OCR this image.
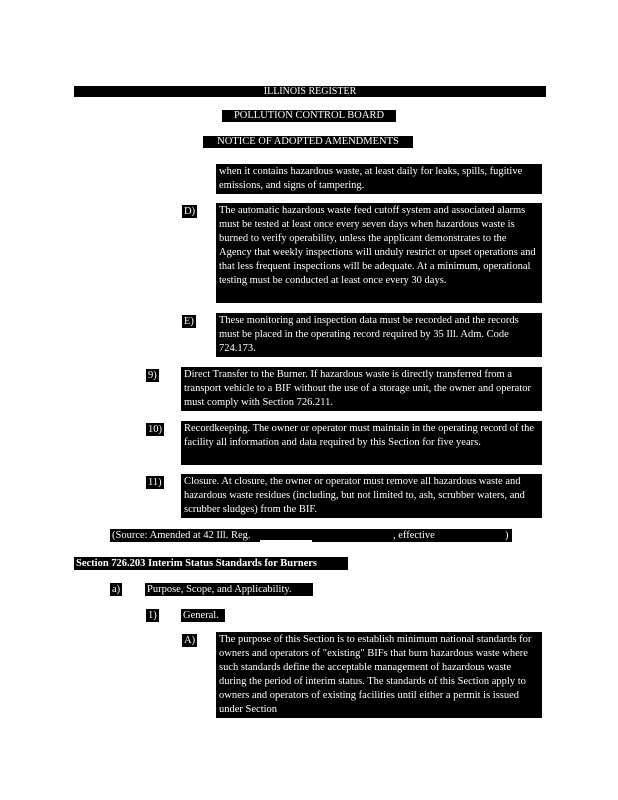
ILLINOIS REGISTER
POLLUTION CONTROL BOARD
NOTICE OF ADOPTED AMENDMENTS
when it contains hazardous waste, at least daily for leaks, spills, fugitive emissions, and signs of tampering.
D) The automatic hazardous waste feed cutoff system and associated alarms must be tested at least once every seven days when hazardous waste is burned to verify operability, unless the applicant demonstrates to the Agency that weekly inspections will unduly restrict or upset operations and that less frequent inspections will be adequate. At a minimum, operational testing must be conducted at least once every 30 days.
E) These monitoring and inspection data must be recorded and the records must be placed in the operating record required by 35 Ill. Adm. Code 724.173.
9)	Direct Transfer to the Burner. If hazardous waste is directly transferred from a transport vehicle to a BIF without the use of a storage unit, the owner and operator must comply with Section 726.211.
10) Recordkeeping. The owner or operator must maintain in the operating record of the facility all information and data required by this Section for five years.
11) Closure. At closure, the owner or operator must remove all hazardous waste and hazardous waste residues (including, but not limited to, ash, scrubber waters, and scrubber sludges) from the BIF.
(Source: Amended at 42 Ill. Reg.	, effective	)
Section 726.203 Interim Status Standards for Burners
a)	Purpose, Scope, and Applicability.
1)	General.
A) The purpose of this Section is to establish minimum national standards for owners and operators of "existing" BIFs that burn hazardous waste where such standards define the acceptable management of hazardous waste during the period of interim status. The standards of this Section apply to owners and operators of existing facilities until either a permit is issued under Section
